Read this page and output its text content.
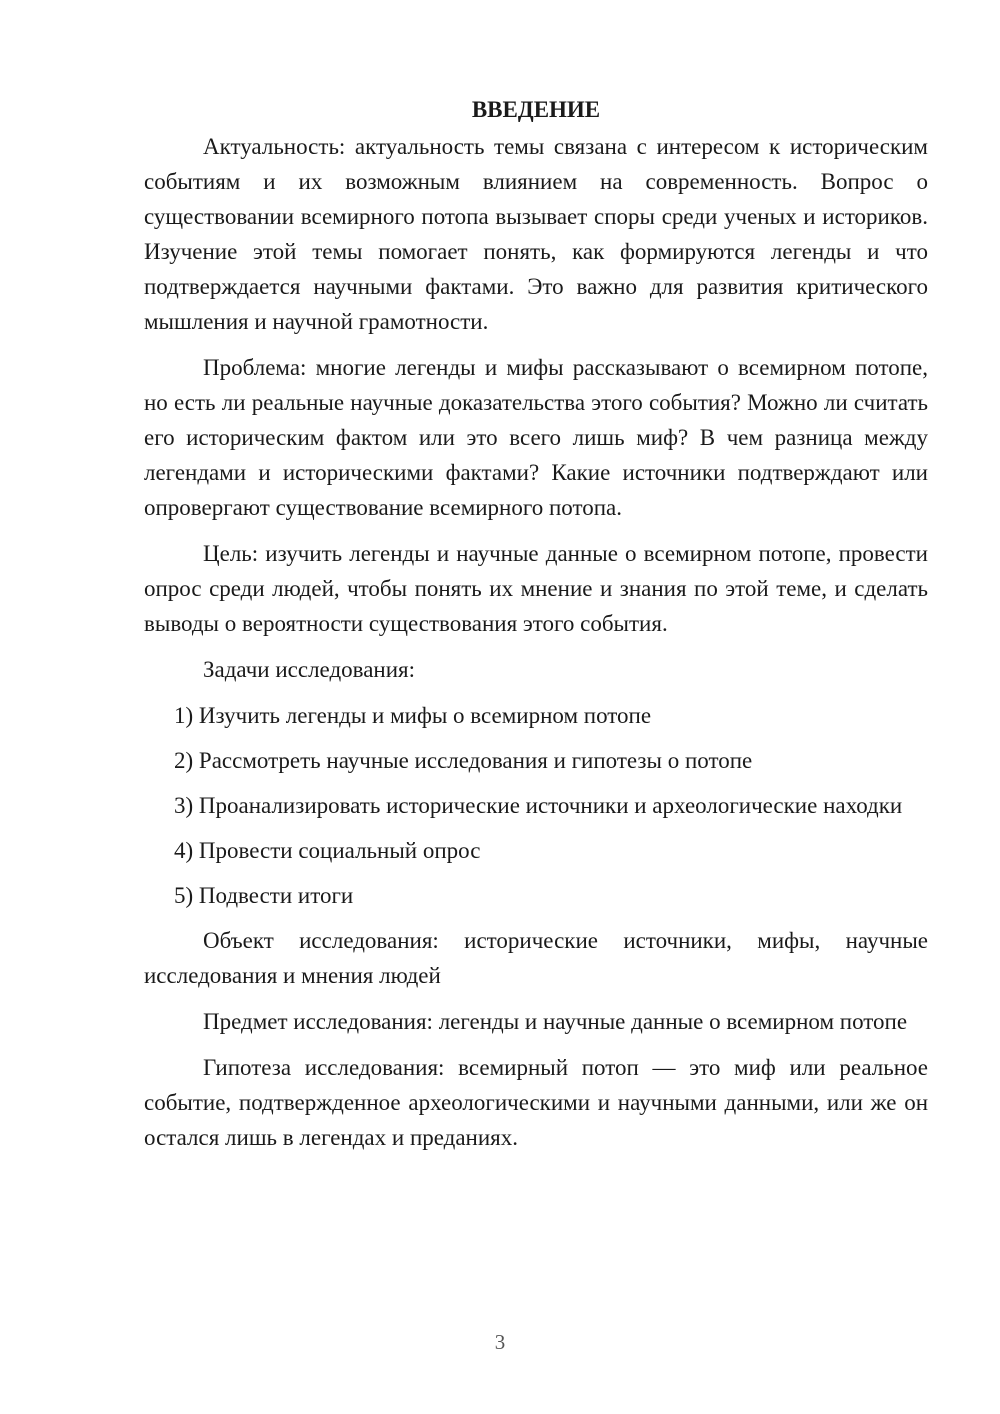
ВВЕДЕНИЕ

Актуальность: актуальность темы связана с интересом к историческим событиям и их возможным влиянием на современность. Вопрос о существовании всемирного потопа вызывает споры среди ученых и историков. Изучение этой темы помогает понять, как формируются легенды и что подтверждается научными фактами. Это важно для развития критического мышления и научной грамотности.

Проблема: многие легенды и мифы рассказывают о всемирном потопе, но есть ли реальные научные доказательства этого события? Можно ли считать его историческим фактом или это всего лишь миф? В чем разница между легендами и историческими фактами? Какие источники подтверждают или опровергают существование всемирного потопа.

Цель: изучить легенды и научные данные о всемирном потопе, провести опрос среди людей, чтобы понять их мнение и знания по этой теме, и сделать выводы о вероятности существования этого события.

Задачи исследования:

1) Изучить легенды и мифы о всемирном потопе

2) Рассмотреть научные исследования и гипотезы о потопе

3) Проанализировать исторические источники и археологические находки

4) Провести социальный опрос

5) Подвести итоги

Объект исследования: исторические источники, мифы, научные исследования и мнения людей

Предмет исследования: легенды и научные данные о всемирном потопе

Гипотеза исследования: всемирный потоп — это миф или реальное событие, подтвержденное археологическими и научными данными, или же он остался лишь в легендах и преданиях.

3
